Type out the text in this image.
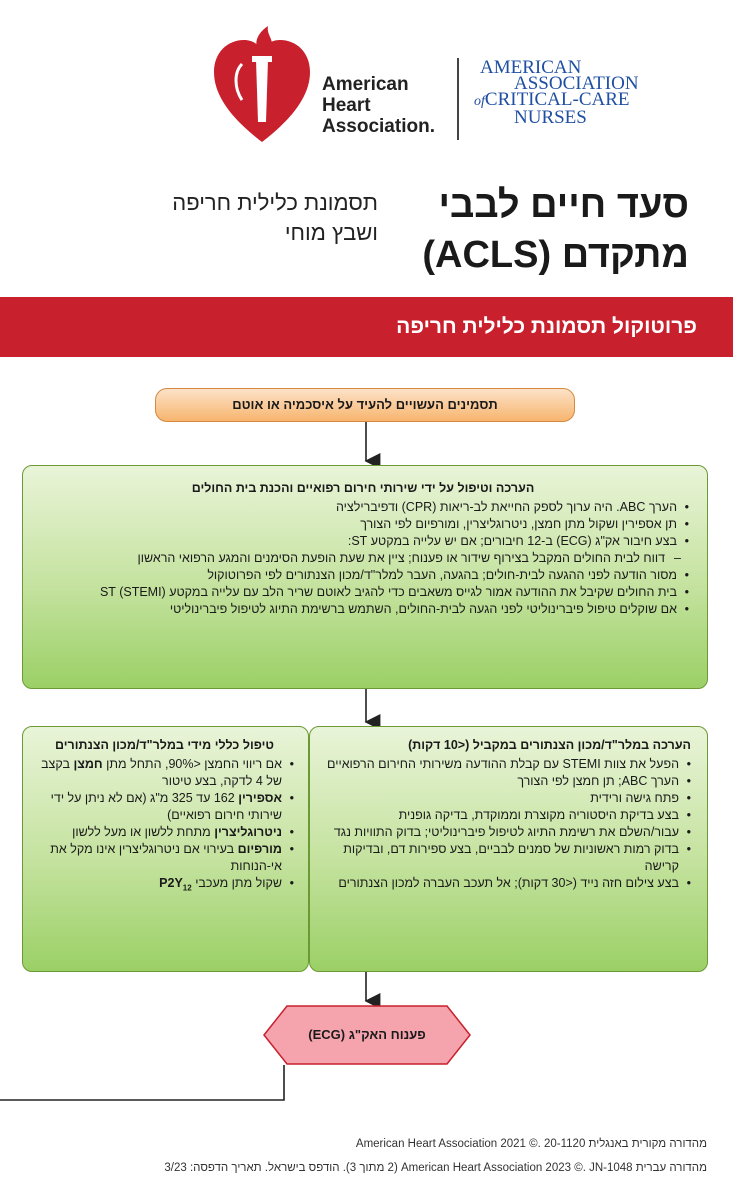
American
Heart
Association.
AMERICAN
ASSOCIATION
ofCRITICAL-CARE
NURSES
סעד חיים לבבי
מתקדם (ACLS)
תסמונת כלילית חריפה
ושבץ מוחי
פרוטוקול תסמונת כלילית חריפה
תסמינים העשויים להעיד על איסכמיה או אוטם
הערכה וטיפול על ידי שירותי חירום רפואיים והכנת בית החולים
• הערך ABC. היה ערוך לספק החייאת לב-ריאות (CPR) ודפיברילציה
• תן אספירין ושקול מתן חמצן, ניטרוגליצרין, ומורפיום לפי הצורך
• בצע חיבור אק"ג (ECG) ב-12 חיבורים; אם יש עלייה במקטע ST:
– דווח לבית החולים המקבל בצירוף שידור או פענוח; ציין את שעת הופעת הסימנים והמגע הרפואי הראשון
• מסור הודעה לפני ההגעה לבית-חולים; בהגעה, העבר למלר"ד/מכון הצנתורים לפי הפרוטוקול
• בית החולים שקיבל את ההודעה אמור לגייס משאבים כדי להגיב לאוטם שריר הלב עם עלייה במקטע ST (STEMI)
• אם שוקלים טיפול פיברינוליטי לפני הגעה לבית-החולים, השתמש ברשימת התיוג לטיפול פיברינוליטי
הערכה במלר"ד/מכון הצנתורים במקביל (<10 דקות)
• הפעל את צוות STEMI עם קבלת ההודעה משירותי החירום הרפואיים
• הערך ABC; תן חמצן לפי הצורך
• פתח גישה ורידית
• בצע בדיקת היסטוריה מקוצרת וממוקדת, בדיקה גופנית
• עבור/השלם את רשימת התיוג לטיפול פיברינוליטי; בדוק התוויות נגד
• בדוק רמות ראשוניות של סמנים לבביים, בצע ספירות דם, ובדיקות קרישה
• בצע צילום חזה נייד (<30 דקות); אל תעכב העברה למכון הצנתורים
טיפול כללי מידי במלר"ד/מכון הצנתורים
• אם ריווי החמצן <90%, התחל מתן חמצן בקצב של 4 לדקה, בצע טיטור
• אספירין 162 עד 325 מ"ג (אם לא ניתן על ידי שירותי חירום רפואיים)
• ניטרוגליצרין מתחת ללשון או מעל ללשון
• מורפיום בעירוי אם ניטרוגליצרין אינו מקל את אי-הנוחות
• שקול מתן מעכבי $P2Y_{12}$
פענוח האק"ג (ECG)
מהדורה מקורית באנגלית American Heart Association 2021 ©. 20-1120
מהדורה עברית American Heart Association 2023 ©. JN-1048 (2 מתוך 3). הודפס בישראל. תאריך הדפסה: 3/23
